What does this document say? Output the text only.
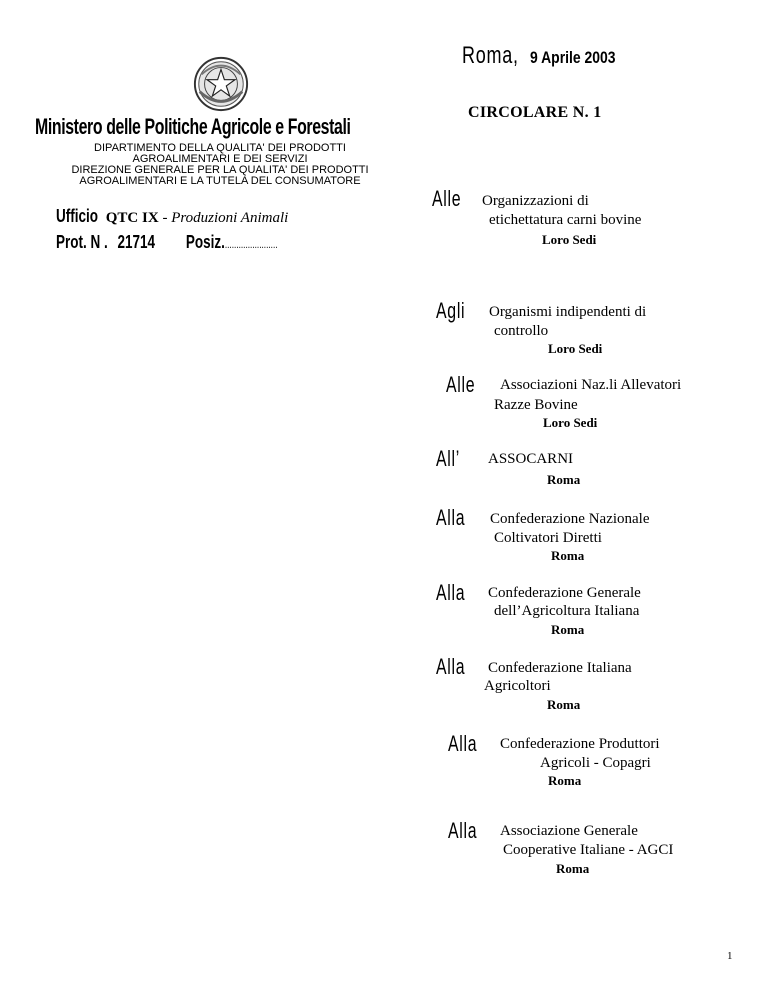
Roma, 9 Aprile 2003
CIRCOLARE N. 1
Ministero delle Politiche Agricole e Forestali
DIPARTIMENTO DELLA QUALITA' DEI PRODOTTI
AGROALIMENTARI E DEI SERVIZI
DIREZIONE GENERALE PER LA QUALITA' DEI PRODOTTI
AGROALIMENTARI E LA TUTELA DEL CONSUMATORE
Ufficio QTC IX - Produzioni Animali
Prot. N . 21714 Posiz........................
Alle	Organizzazioni di
etichettatura carni bovine
Loro Sedi
Agli	Organismi indipendenti di
controllo
Loro Sedi
Alle	Associazioni Naz.li Allevatori
Razze Bovine
Loro Sedi
All’	ASSOCARNI
Roma
Alla	Confederazione Nazionale
Coltivatori Diretti
Roma
Alla	Confederazione Generale
dell’Agricoltura Italiana
Roma
Alla	Confederazione Italiana
Agricoltori
Roma
Alla	Confederazione Produttori
Agricoli - Copagri
Roma
Alla	Associazione Generale
Cooperative Italiane - AGCI
Roma
1
